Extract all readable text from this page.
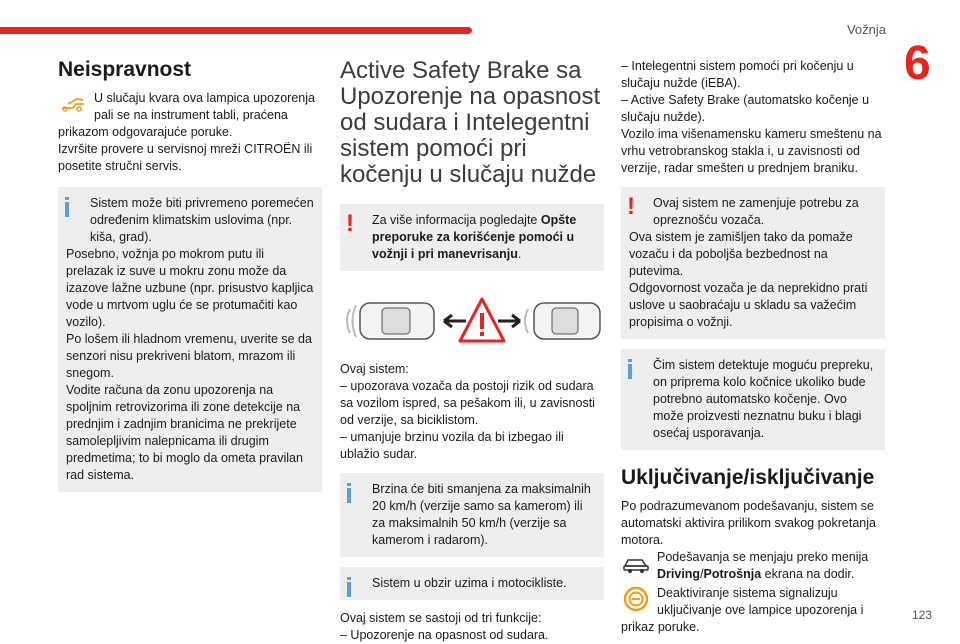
Vožnja
6
123
Neispravnost

U slučaju kvara ova lampica upozorenja pali se na instrument tabli, praćena prikazom odgovarajuće poruke.

Izvršite provere u servisnoj mreži CITROËN ili posetite stručni servis.

Sistem može biti privremeno poremećen određenim klimatskim uslovima (npr. kiša, grad).

Posebno, vožnja po mokrom putu ili prelazak iz suve u mokru zonu može da izazove lažne uzbune (npr. prisustvo kapljica vode u mrtvom uglu će se protumačiti kao vozilo).

Po lošem ili hladnom vremenu, uverite se da senzori nisu prekriveni blatom, mrazom ili snegom.

Vodite računa da zonu upozorenja na spoljnim retrovizorima ili zone detekcije na prednjim i zadnjim branicima ne prekrijete samolepljivim nalepnicama ili drugim predmetima; to bi moglo da ometa pravilan rad sistema.

Active Safety Brake sa Upozorenje na opasnost od sudara i Intelegentni sistem pomoći pri kočenju u slučaju nužde
!	Za više informacija pogledajte Opšte preporuke za korišćenje pomoći u vožnji i pri manevrisanju.

Ovaj sistem:

– upozorava vozača da postoji rizik od sudara sa vozilom ispred, sa pešakom ili, u zavisnosti od verzije, sa biciklistom.

– umanjuje brzinu vozila da bi izbegao ili ublažio sudar.

Brzina će biti smanjena za maksimalnih 20 km/h (verzije samo sa kamerom) ili za maksimalnih 50 km/h (verzije sa kamerom i radarom).

Sistem u obzir uzima i motocikliste.

Ovaj sistem se sastoji od tri funkcije:

– Upozorenje na opasnost od sudara.

– Intelegentni sistem pomoći pri kočenju u slučaju nužde (iEBA).

– Active Safety Brake (automatsko kočenje u slučaju nužde).

Vozilo ima višenamensku kameru smeštenu na vrhu vetrobranskog stakla i, u zavisnosti od verzije, radar smešten u prednjem braniku.

!	Ovaj sistem ne zamenjuje potrebu za opreznošću vozača.

Ova sistem je zamišljen tako da pomaže vozaču i da poboljša bezbednost na putevima.

Odgovornost vozača je da neprekidno prati uslove u saobraćaju u skladu sa važećim propisima o vožnji.

Čim sistem detektuje moguću prepreku, on priprema kolo kočnice ukoliko bude potrebno automatsko kočenje. Ovo može proizvesti neznatnu buku i blagi osećaj usporavanja.

Uključivanje/isključivanje

Po podrazumevanom podešavanju, sistem se automatski aktivira prilikom svakog pokretanja motora.

Podešavanja se menjaju preko menija Driving/Potrošnja ekrana na dodir.

Deaktiviranje sistema signalizuju uključivanje ove lampice upozorenja i prikaz poruke.
